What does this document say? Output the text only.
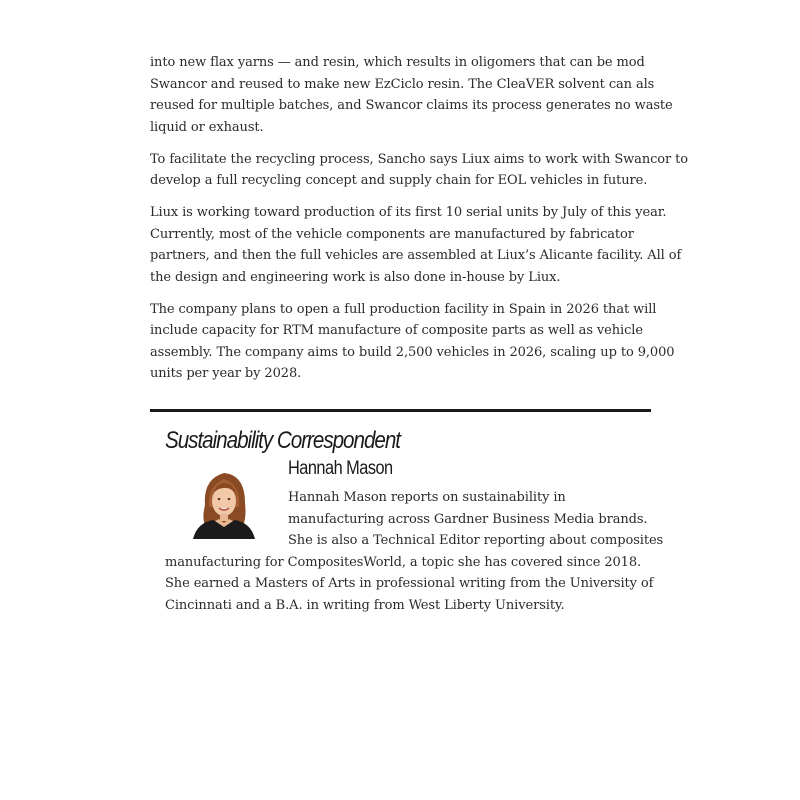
into new flax yarns — and resin, which results in oligomers that can be mod
Swancor and reused to make new EzCiclo resin. The CleaVER solvent can als
reused for multiple batches, and Swancor claims its process generates no waste
liquid or exhaust.

To facilitate the recycling process, Sancho says Liux aims to work with Swancor to
develop a full recycling concept and supply chain for EOL vehicles in future.

Liux is working toward production of its first 10 serial units by July of this year.
Currently, most of the vehicle components are manufactured by fabricator
partners, and then the full vehicles are assembled at Liux’s Alicante facility. All of
the design and engineering work is also done in-house by Liux.

The company plans to open a full production facility in Spain in 2026 that will
include capacity for RTM manufacture of composite parts as well as vehicle
assembly. The company aims to build 2,500 vehicles in 2026, scaling up to 9,000
units per year by 2028.

Sustainability Correspondent
Hannah Mason
Hannah Mason reports on sustainability in
manufacturing across Gardner Business Media brands.
She is also a Technical Editor reporting about composites
manufacturing for CompositesWorld, a topic she has covered since 2018.
She earned a Masters of Arts in professional writing from the University of
Cincinnati and a B.A. in writing from West Liberty University.
